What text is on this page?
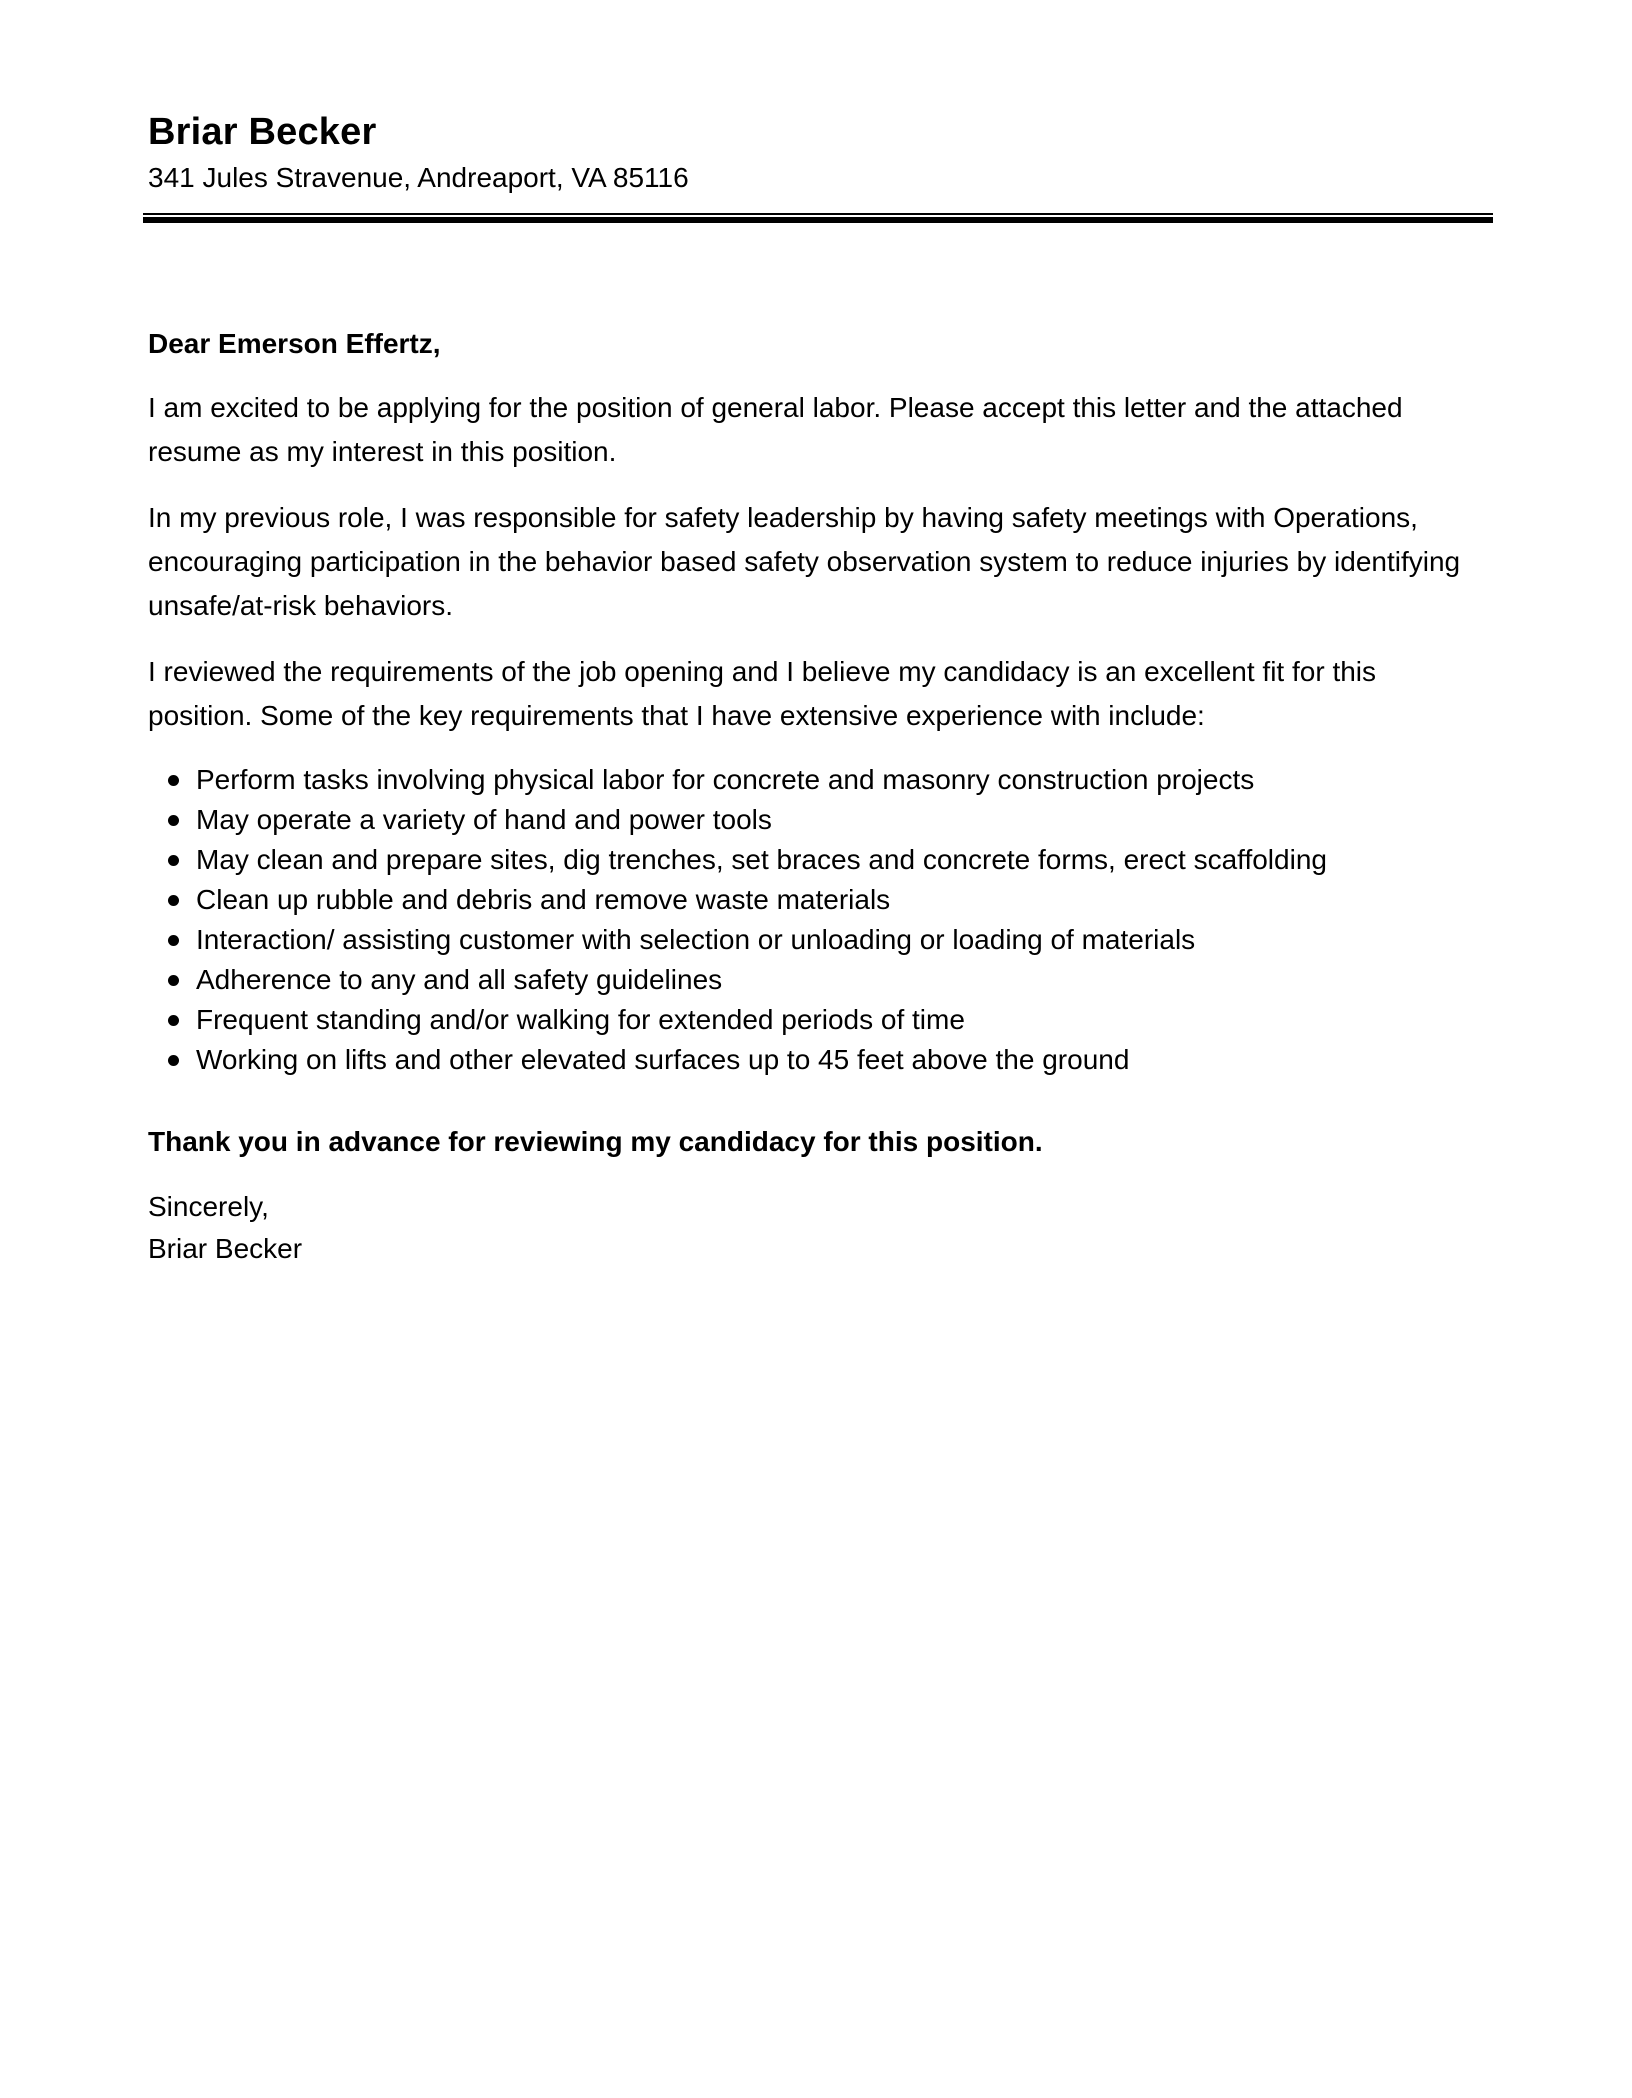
Briar Becker
341 Jules Stravenue, Andreaport, VA 85116

Dear Emerson Effertz,

I am excited to be applying for the position of general labor. Please accept this letter and the attached resume as my interest in this position.

In my previous role, I was responsible for safety leadership by having safety meetings with Operations, encouraging participation in the behavior based safety observation system to reduce injuries by identifying unsafe/at-risk behaviors.

I reviewed the requirements of the job opening and I believe my candidacy is an excellent fit for this position. Some of the key requirements that I have extensive experience with include:

Perform tasks involving physical labor for concrete and masonry construction projects
May operate a variety of hand and power tools
May clean and prepare sites, dig trenches, set braces and concrete forms, erect scaffolding
Clean up rubble and debris and remove waste materials
Interaction/ assisting customer with selection or unloading or loading of materials
Adherence to any and all safety guidelines
Frequent standing and/or walking for extended periods of time
Working on lifts and other elevated surfaces up to 45 feet above the ground

Thank you in advance for reviewing my candidacy for this position.

Sincerely,

Briar Becker
